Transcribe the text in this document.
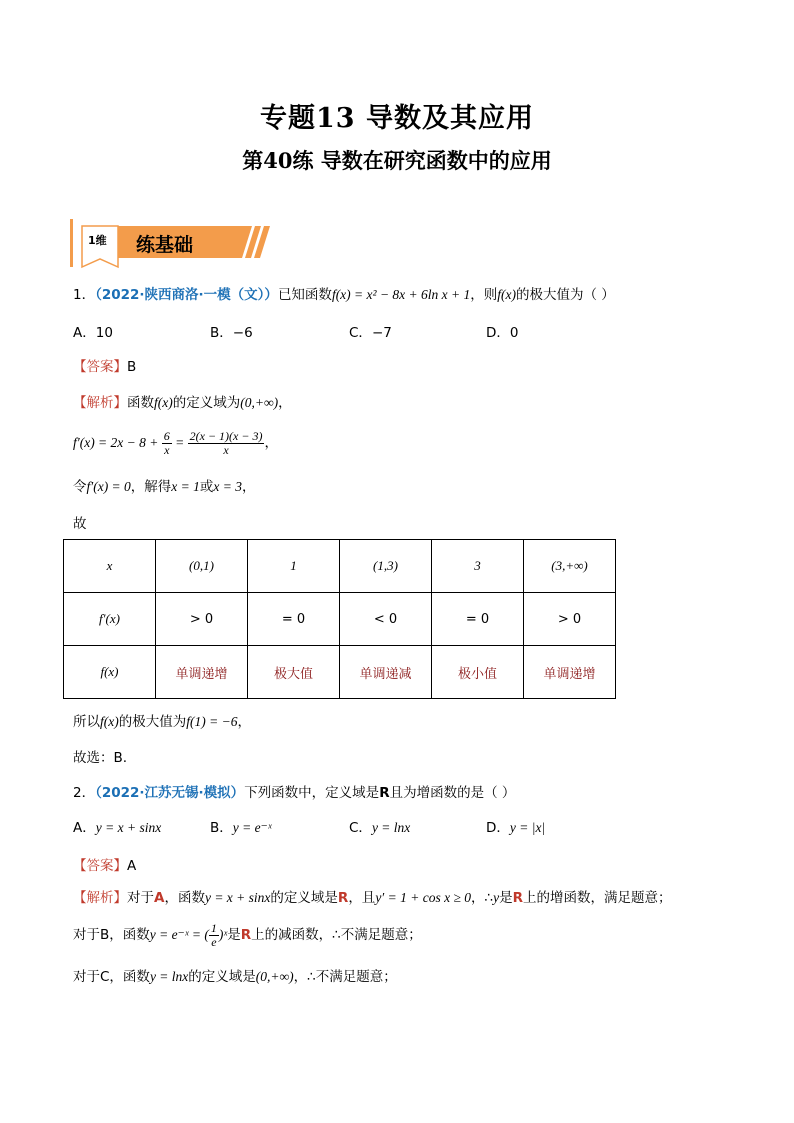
专题13 导数及其应用
第40练 导数在研究函数中的应用
1维 练基础
1．（2022·陕西商洛·一模（文））已知函数f(x) = x² − 8x + 6ln x + 1，则f(x)的极大值为（ ）
A．10	B．−6	C．−7	D．0
【答案】B
【解析】函数f(x)的定义域为(0,+∞)，
$f'(x) = 2x - 8 + \frac{6}{x} = \frac{2(x - 1)(x - 3)}{x}$ ，
令f′(x) = 0，解得x = 1或x = 3，
故
x	(0,1)	1	(1,3)	3	(3,+∞)
f′(x)	> 0	= 0	< 0	= 0	> 0
f(x)	单调递增	极大值	单调递减	极小值	单调递增
所以f(x)的极大值为f(1) = −6，
故选：B.
2．（2022·江苏无锡·模拟）下列函数中，定义域是R且为增函数的是（ ）
A．y = x + sinx	B．y = e⁻ˣ	C．y = lnx	D．y = |x|
【答案】A
【解析】对于A，函数y = x + sinx的定义域是R，且y′ = 1 + cos x ≥ 0，∴y是R上的增函数，满足题意；
对于B，函数y = e⁻ˣ = ( $\frac{1}{e}$ )ˣ是R上的减函数，∴不满足题意；
对于C，函数y = lnx的定义域是(0,+∞)，∴不满足题意；
